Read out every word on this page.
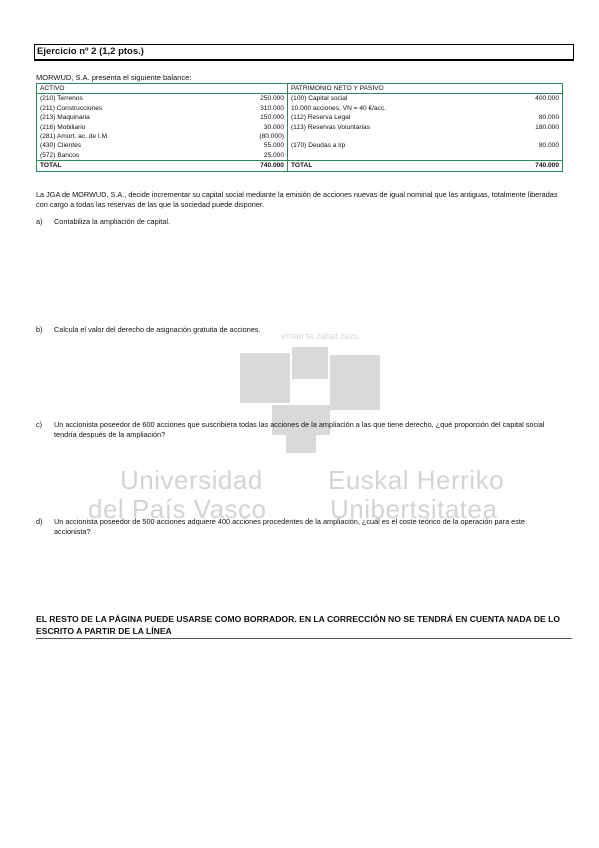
Ejercicio nº 2 (1,2 ptos.)
MORWUD, S.A. presenta el siguiente balance:
ACTIVO		PATRIMONIO NETO Y PASIVO	
(210) Terrenos	250.000	(100) Capital social	400.000
(211) Construcciones	310.000	10.000 acciones, VN = 40 €/acc.	
(213) Maquinaria	150.000	(112) Reserva Legal	80.000
(216) Mobiliario	30.000	(113) Reservas Voluntarias	180.000
(281) Amort. ac. de I.M.	(80.000)		
(430) Clientes	55.000	(170) Deudas a l/p	80.000
(572) Bancos	25.000		
TOTAL	740.000	TOTAL	740.000
La JGA de MORWUD, S.A., decide incrementar su capital social mediante la emisión de acciones nuevas de igual nominal que las antiguas, totalmente liberadas con cargo a todas las reservas de las que la sociedad puede disponer.
eman ta zabal zazu
Universidad
del País Vasco
Euskal Herriko
Unibertsitatea
a) Contabiliza la ampliación de capital.
b) Calcula el valor del derecho de asignación gratuita de acciones.
c) Un accionista poseedor de 600 acciones que suscribiera todas las acciones de la ampliación a las que tiene derecho, ¿qué proporción del capital social tendría después de la ampliación?
d) Un accionista poseedor de 500 acciones adquiere 400 acciones procedentes de la ampliación, ¿cuál es el coste teórico de la operación para este accionista?
EL RESTO DE LA PÁGINA PUEDE USARSE COMO BORRADOR. EN LA CORRECCIÓN NO SE TENDRÁ EN CUENTA NADA DE LO ESCRITO A PARTIR DE LA LÍNEA
